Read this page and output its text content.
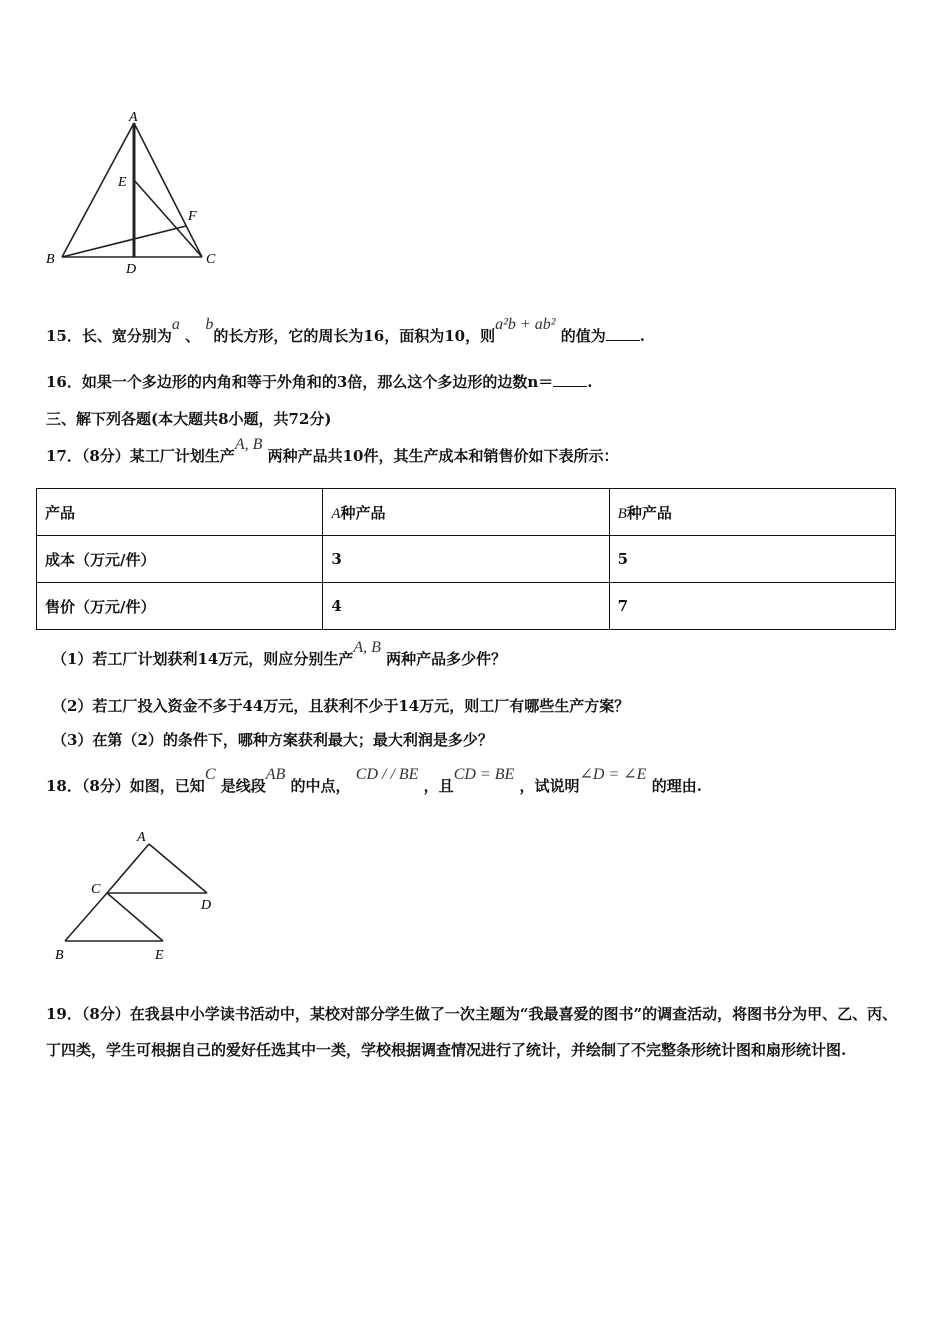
A
E
F
B
D
C
15．长、宽分别为a 、 b的长方形，它的周长为16，面积为10，则a²b + ab² 的值为 .
16．如果一个多边形的内角和等于外角和的3倍，那么这个多边形的边数n＝ .
三、解下列各题(本大题共8小题，共72分)
17．（8分）某工厂计划生产A, B 两种产品共10件，其生产成本和销售价如下表所示：
产品	A种产品	B种产品
成本（万元/件）	3	5
售价（万元/件）	4	7
（1）若工厂计划获利14万元，则应分别生产A, B 两种产品多少件？
（2）若工厂投入资金不多于44万元，且获利不少于14万元，则工厂有哪些生产方案？
（3）在第（2）的条件下，哪种方案获利最大；最大利润是多少？
18．（8分）如图，已知C 是线段AB 的中点， CD / / BE ，且CD = BE ，试说明∠D = ∠E 的理由.
A
C
D
B	E
19．（8分）在我县中小学读书活动中，某校对部分学生做了一次主题为“我最喜爱的图书”的调查活动，将图书分为甲、乙、丙、丁四类，学生可根据自己的爱好任选其中一类，学校根据调查情况进行了统计，并绘制了不完整条形统计图和扇形统计图.
